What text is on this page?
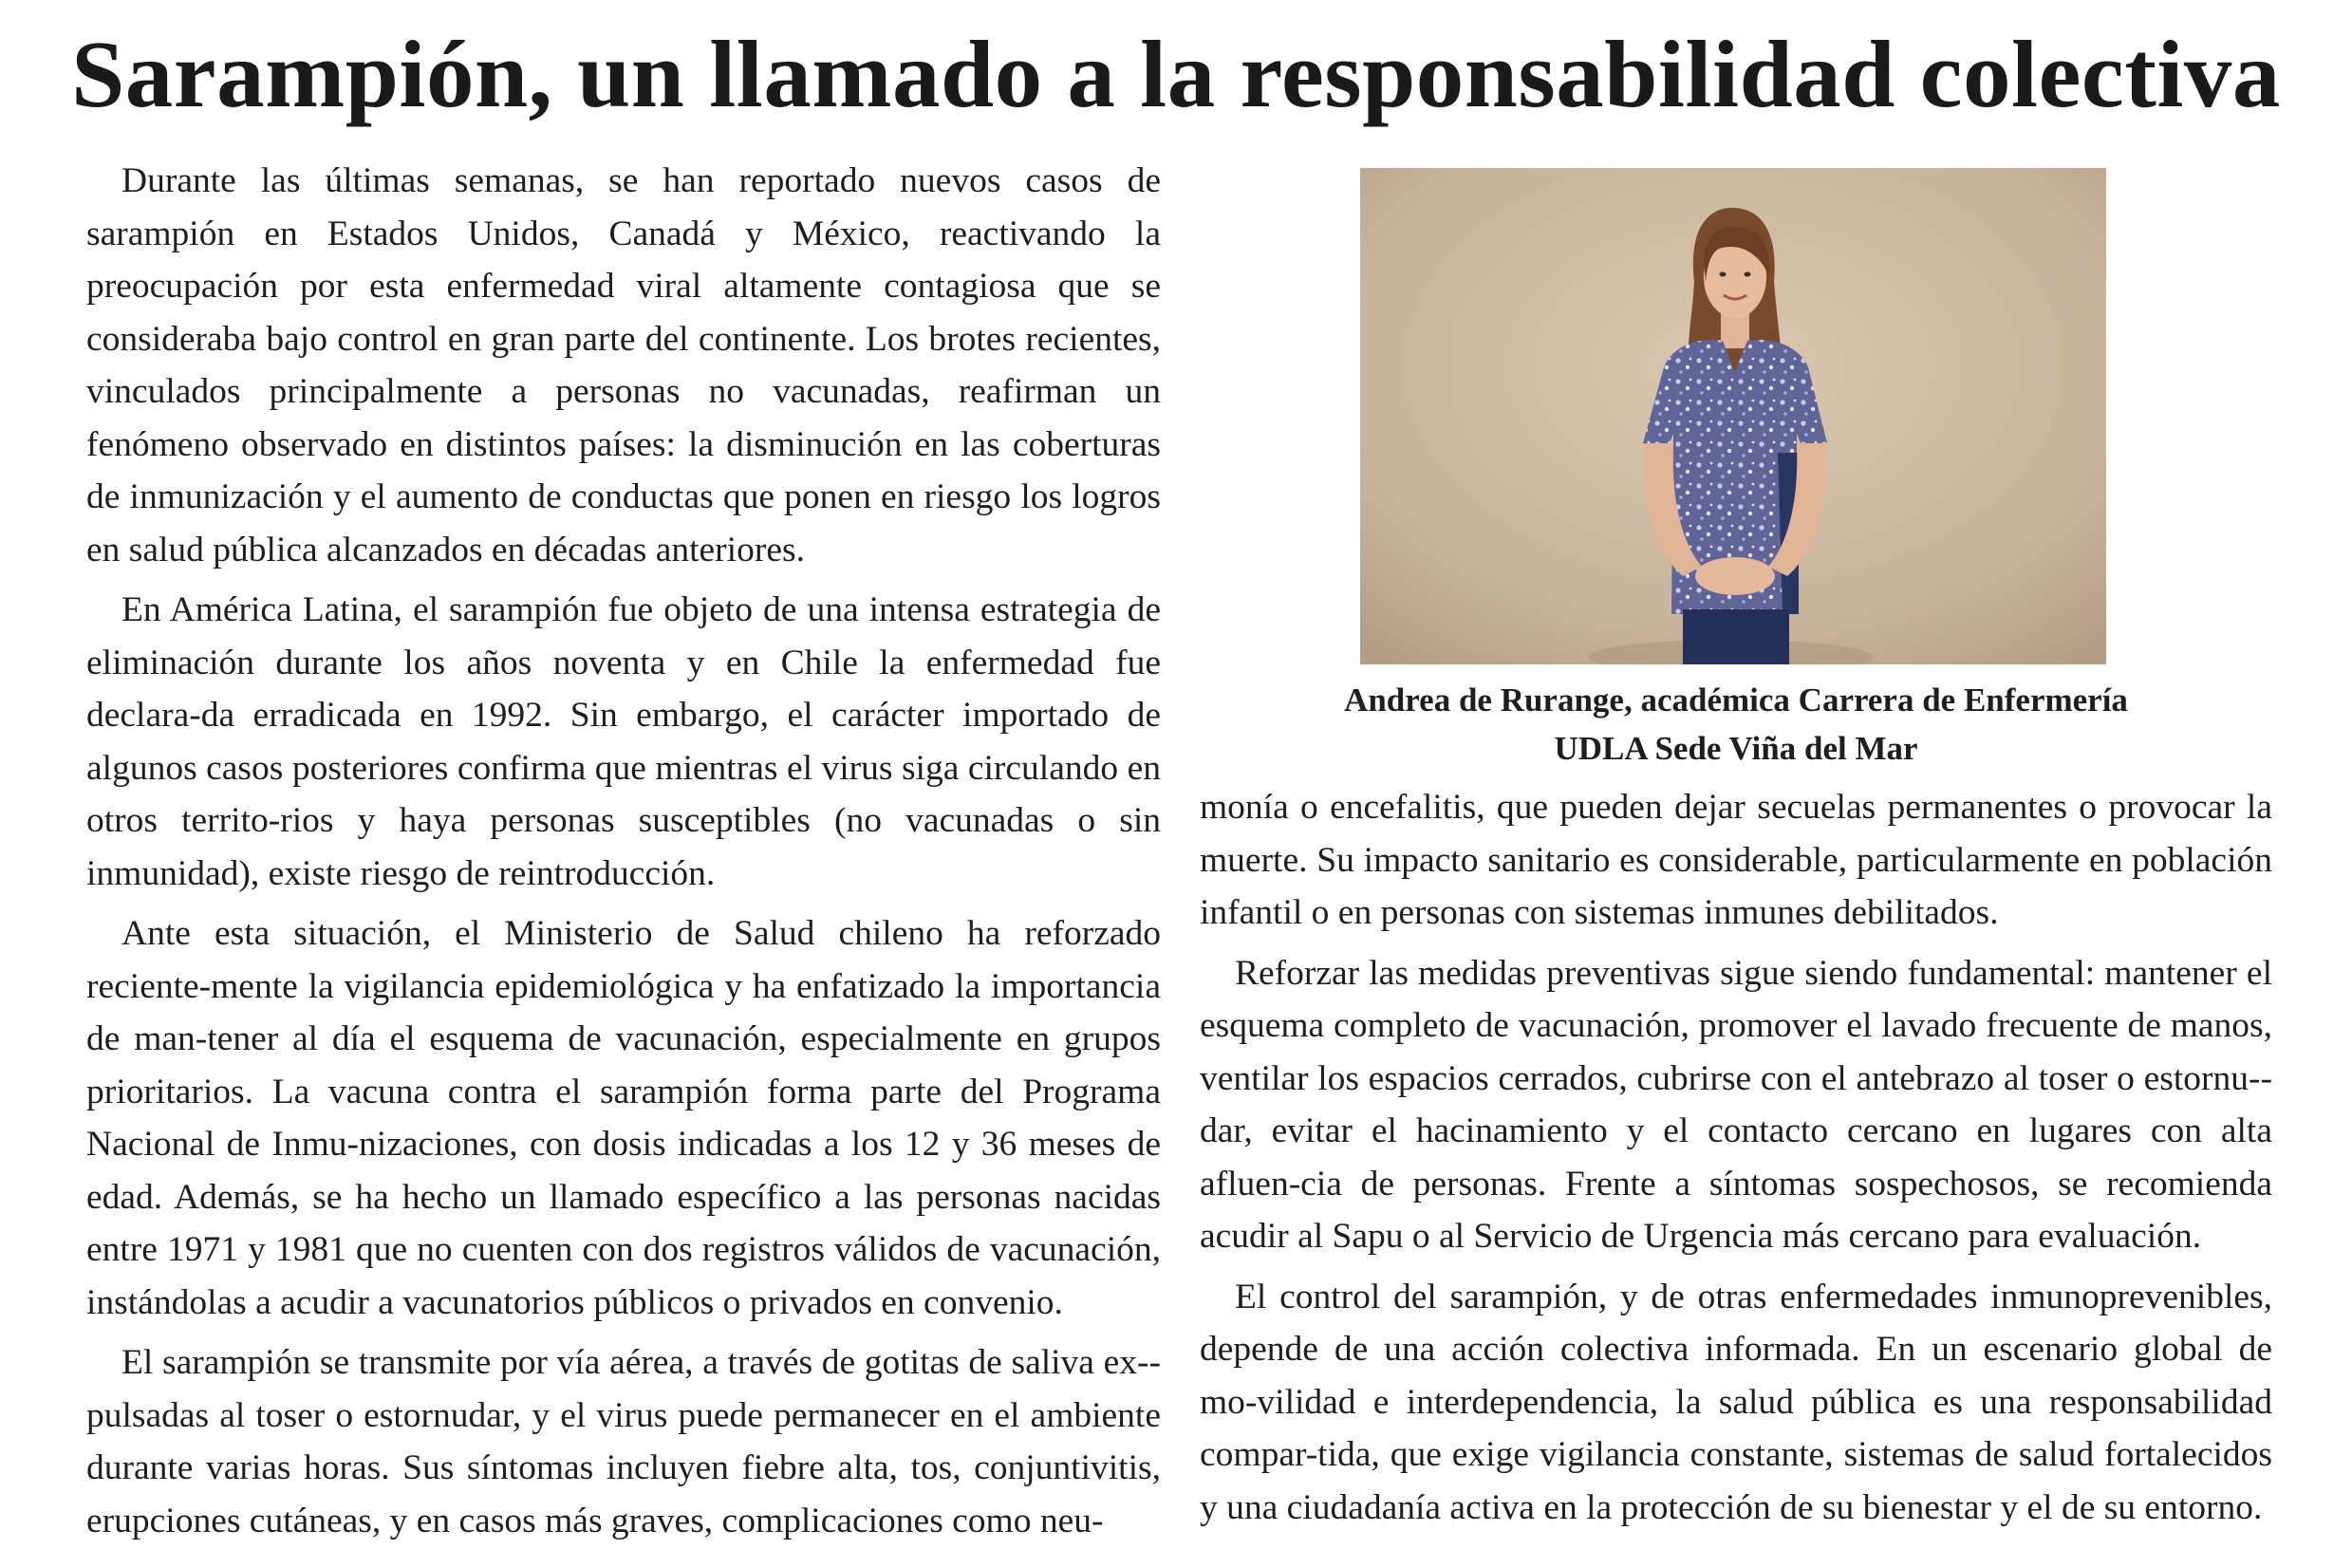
Sarampión, un llamado a la responsabilidad colectiva

Durante las últimas semanas, se han reportado nuevos casos de sarampión en Estados Unidos, Canadá y México, reactivando la preocupación por esta enfermedad viral altamente contagiosa que se consideraba bajo control en gran parte del continente. Los brotes recientes, vinculados principalmente a personas no vacunadas, reafirman un fenómeno observado en distintos países: la disminución en las coberturas de inmunización y el aumento de conductas que ponen en riesgo los logros en salud pública alcanzados en décadas anteriores.

En América Latina, el sarampión fue objeto de una intensa estrategia de eliminación durante los años noventa y en Chile la enfermedad fue declara-da erradicada en 1992. Sin embargo, el carácter importado de algunos casos posteriores confirma que mientras el virus siga circulando en otros territo-rios y haya personas susceptibles (no vacunadas o sin inmunidad), existe riesgo de reintroducción.

Ante esta situación, el Ministerio de Salud chileno ha reforzado reciente-mente la vigilancia epidemiológica y ha enfatizado la importancia de man-tener al día el esquema de vacunación, especialmente en grupos prioritarios. La vacuna contra el sarampión forma parte del Programa Nacional de Inmu-nizaciones, con dosis indicadas a los 12 y 36 meses de edad. Además, se ha hecho un llamado específico a las personas nacidas entre 1971 y 1981 que no cuenten con dos registros válidos de vacunación, instándolas a acudir a vacunatorios públicos o privados en convenio.

El sarampión se transmite por vía aérea, a través de gotitas de saliva ex-pulsadas al toser o estornudar, y el virus puede permanecer en el ambiente durante varias horas. Sus síntomas incluyen fiebre alta, tos, conjuntivitis, erupciones cutáneas, y en casos más graves, complicaciones como neu-

Andrea de Rurange, académica Carrera de Enfermería
UDLA Sede Viña del Mar

monía o encefalitis, que pueden dejar secuelas permanentes o provocar la muerte. Su impacto sanitario es considerable, particularmente en población infantil o en personas con sistemas inmunes debilitados.

Reforzar las medidas preventivas sigue siendo fundamental: mantener el esquema completo de vacunación, promover el lavado frecuente de manos, ventilar los espacios cerrados, cubrirse con el antebrazo al toser o estornu-dar, evitar el hacinamiento y el contacto cercano en lugares con alta afluen-cia de personas. Frente a síntomas sospechosos, se recomienda acudir al Sapu o al Servicio de Urgencia más cercano para evaluación.

El control del sarampión, y de otras enfermedades inmunoprevenibles, depende de una acción colectiva informada. En un escenario global de mo-vilidad e interdependencia, la salud pública es una responsabilidad compar-tida, que exige vigilancia constante, sistemas de salud fortalecidos y una ciudadanía activa en la protección de su bienestar y el de su entorno.
